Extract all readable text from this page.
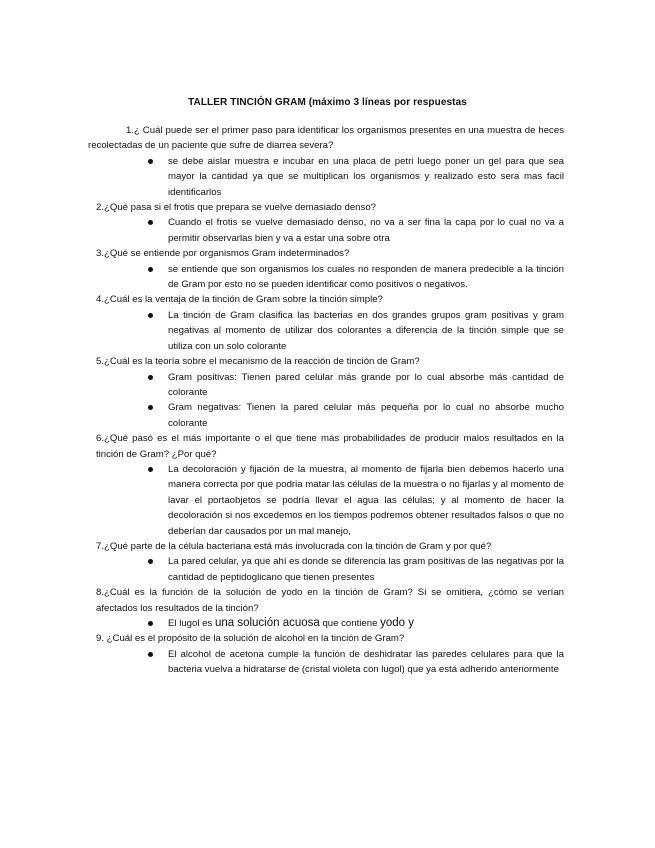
TALLER TINCIÓN GRAM (máximo 3 líneas por respuestas

1.¿ Cuál puede ser el primer paso para identificar los organismos presentes en una muestra de heces recolectadas de un paciente que sufre de diarrea severa?

se debe aislar muestra e incubar en una placa de petri luego poner un gel para que sea mayor la cantidad ya que se multiplican los organismos y realizado esto sera mas facil identificarlos

2.¿Qué pasa si el frotis que prepara se vuelve demasiado denso?

Cuando el frotis se vuelve demasiado denso, no va a ser fina la capa por lo cual no va a permitir observarlas bien y va a estar una sobre otra

3.¿Qué se entiende por organismos Gram indeterminados?

se entiende que son organismos los cuales no responden de manera predecible a la tinción de Gram por esto no se pueden identificar como positivos o negativos.

4.¿Cuál es la ventaja de la tinción de Gram sobre la tinción simple?

La tinción de Gram clasifica las bacterias en dos grandes grupos gram positivas y gram negativas al momento de utilizar dos colorantes a diferencia de la tinción simple que se utiliza con un solo colorante

5.¿Cuál es la teoría sobre el mecanismo de la reacción de tinción de Gram?

Gram positivas: Tienen pared celular más grande por lo cual absorbe más cantidad de colorante
Gram negativas: Tienen la pared celular más pequeña por lo cual no absorbe mucho colorante

6.¿Qué pasó es el más importante o el que tiene más probabilidades de producir malos resultados en la tinción de Gram? ¿Por qué?

La decoloración y fijación de la muestra, al momento de fijarla bien debemos hacerlo una manera correcta por que podria matar las células de la muestra o no fijarlas y al momento de lavar el portaobjetos se podría llevar el agua las células; y al momento de hacer la decoloración si nos excedemos en los tiempos podremos obtener resultados falsos o que no deberían dar causados por un mal manejo,

7.¿Qué parte de la célula bacteriana está más involucrada con la tinción de Gram y por qué?

La pared celular, ya que ahí es donde se diferencia las gram positivas de las negativas por la cantidad de peptidoglicano que tienen presentes

8.¿Cuál es la función de la solución de yodo en la tinción de Gram? Si se omitiera, ¿cómo se verían afectados los resultados de la tinción?

El lugol es una solución acuosa que contiene yodo y

9. ¿Cuál es el propósito de la solución de alcohol en la tinción de Gram?

El alcohol de acetona cumple la función de deshidratar las paredes celulares para que la bacteria vuelva a hidratarse de (cristal violeta con lugol) que ya está adherido anteriormente
